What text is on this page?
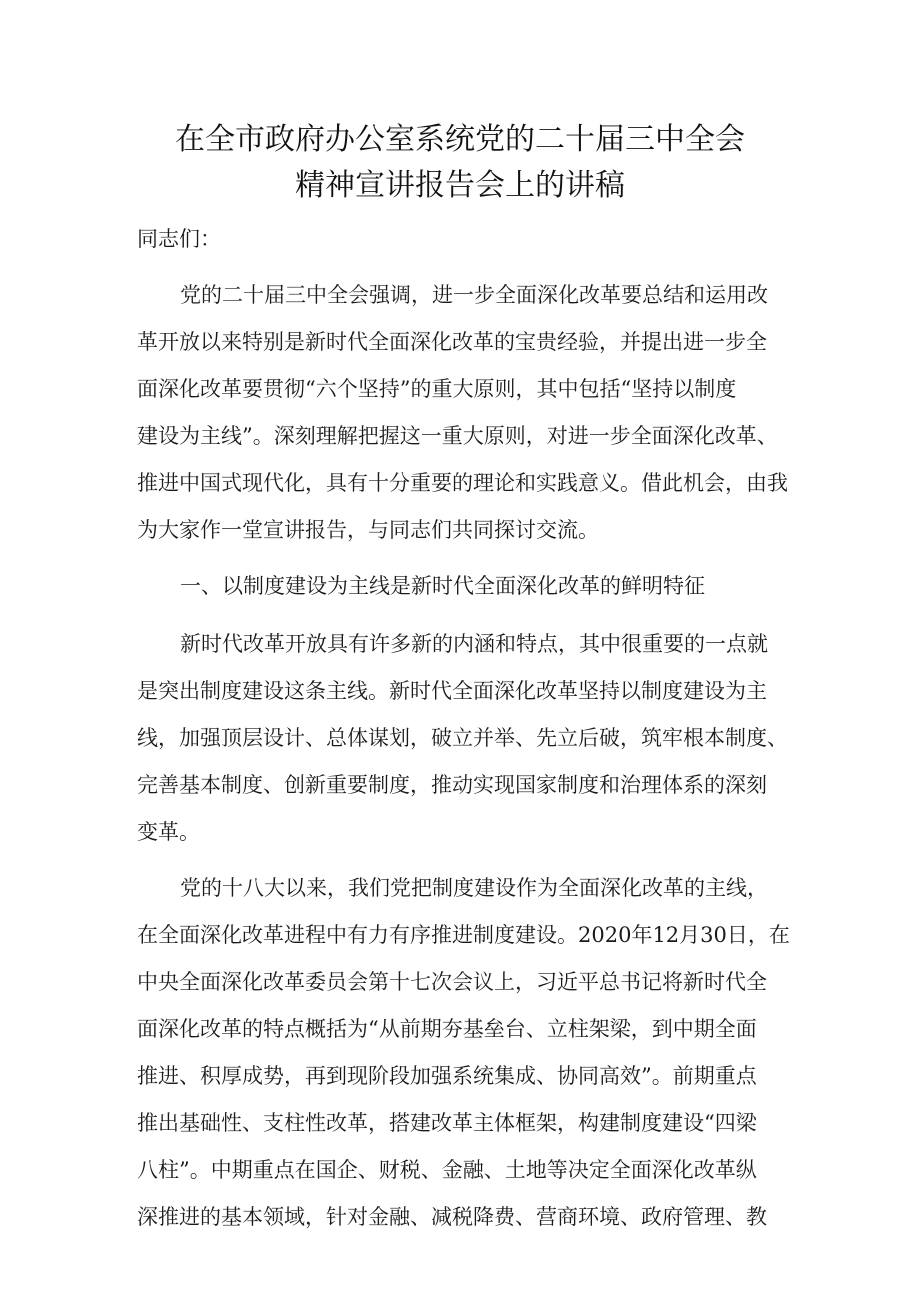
在全市政府办公室系统党的二十届三中全会
精神宣讲报告会上的讲稿

同志们：

党的二十届三中全会强调，进一步全面深化改革要总结和运用改

革开放以来特别是新时代全面深化改革的宝贵经验，并提出进一步全

面深化改革要贯彻“六个坚持”的重大原则，其中包括“坚持以制度

建设为主线”。深刻理解把握这一重大原则，对进一步全面深化改革、

推进中国式现代化，具有十分重要的理论和实践意义。借此机会，由我

为大家作一堂宣讲报告，与同志们共同探讨交流。

一、以制度建设为主线是新时代全面深化改革的鲜明特征

新时代改革开放具有许多新的内涵和特点，其中很重要的一点就

是突出制度建设这条主线。新时代全面深化改革坚持以制度建设为主

线，加强顶层设计、总体谋划，破立并举、先立后破，筑牢根本制度、

完善基本制度、创新重要制度，推动实现国家制度和治理体系的深刻

变革。

党的十八大以来，我们党把制度建设作为全面深化改革的主线，

在全面深化改革进程中有力有序推进制度建设。2020年12月30日，在

中央全面深化改革委员会第十七次会议上，习近平总书记将新时代全

面深化改革的特点概括为“从前期夯基垒台、立柱架梁，到中期全面

推进、积厚成势，再到现阶段加强系统集成、协同高效”。前期重点

推出基础性、支柱性改革，搭建改革主体框架，构建制度建设“四梁

八柱”。中期重点在国企、财税、金融、土地等决定全面深化改革纵

深推进的基本领域，针对金融、减税降费、营商环境、政府管理、教
